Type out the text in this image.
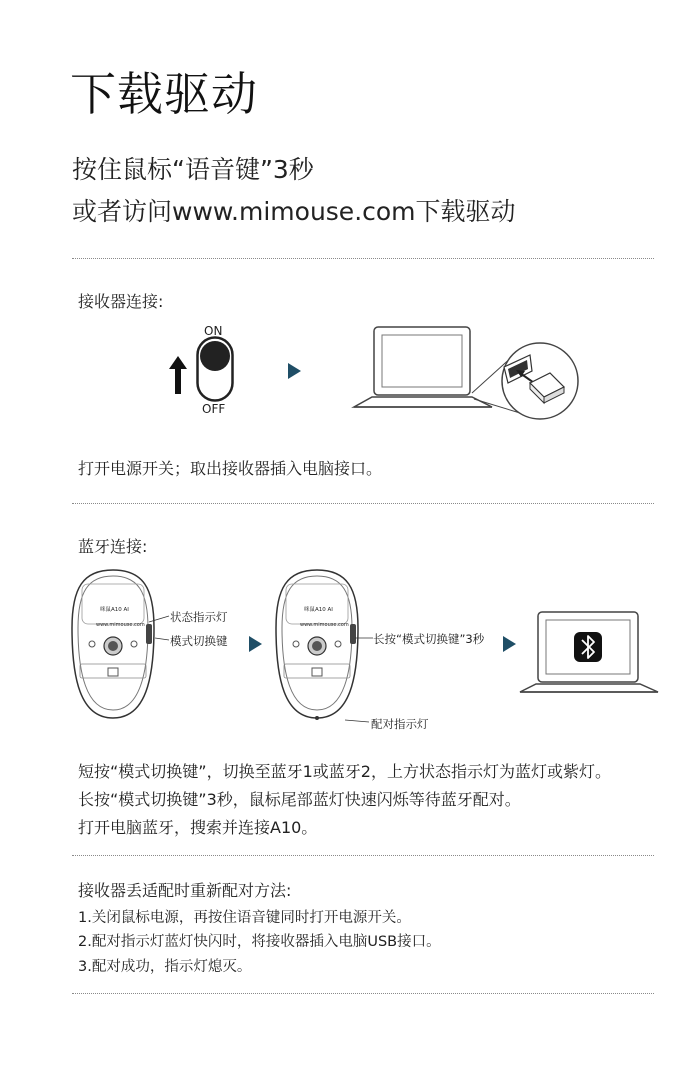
下载驱动
按住鼠标“语音键”3秒
或者访问www.mimouse.com下载驱动
接收器连接:
ON
OFF
打开电源开关；取出接收器插入电脑接口。
蓝牙连接:
咪鼠A10 AI
www.mimouse.com
状态指示灯
模式切换键
咪鼠A10 AI
www.mimouse.com
长按“模式切换键”3秒
配对指示灯
短按“模式切换键”，切换至蓝牙1或蓝牙2，上方状态指示灯为蓝灯或紫灯。
长按“模式切换键”3秒，鼠标尾部蓝灯快速闪烁等待蓝牙配对。
打开电脑蓝牙，搜索并连接A10。
接收器丢适配时重新配对方法:
1.关闭鼠标电源，再按住语音键同时打开电源开关。
2.配对指示灯蓝灯快闪时，将接收器插入电脑USB接口。
3.配对成功，指示灯熄灭。
